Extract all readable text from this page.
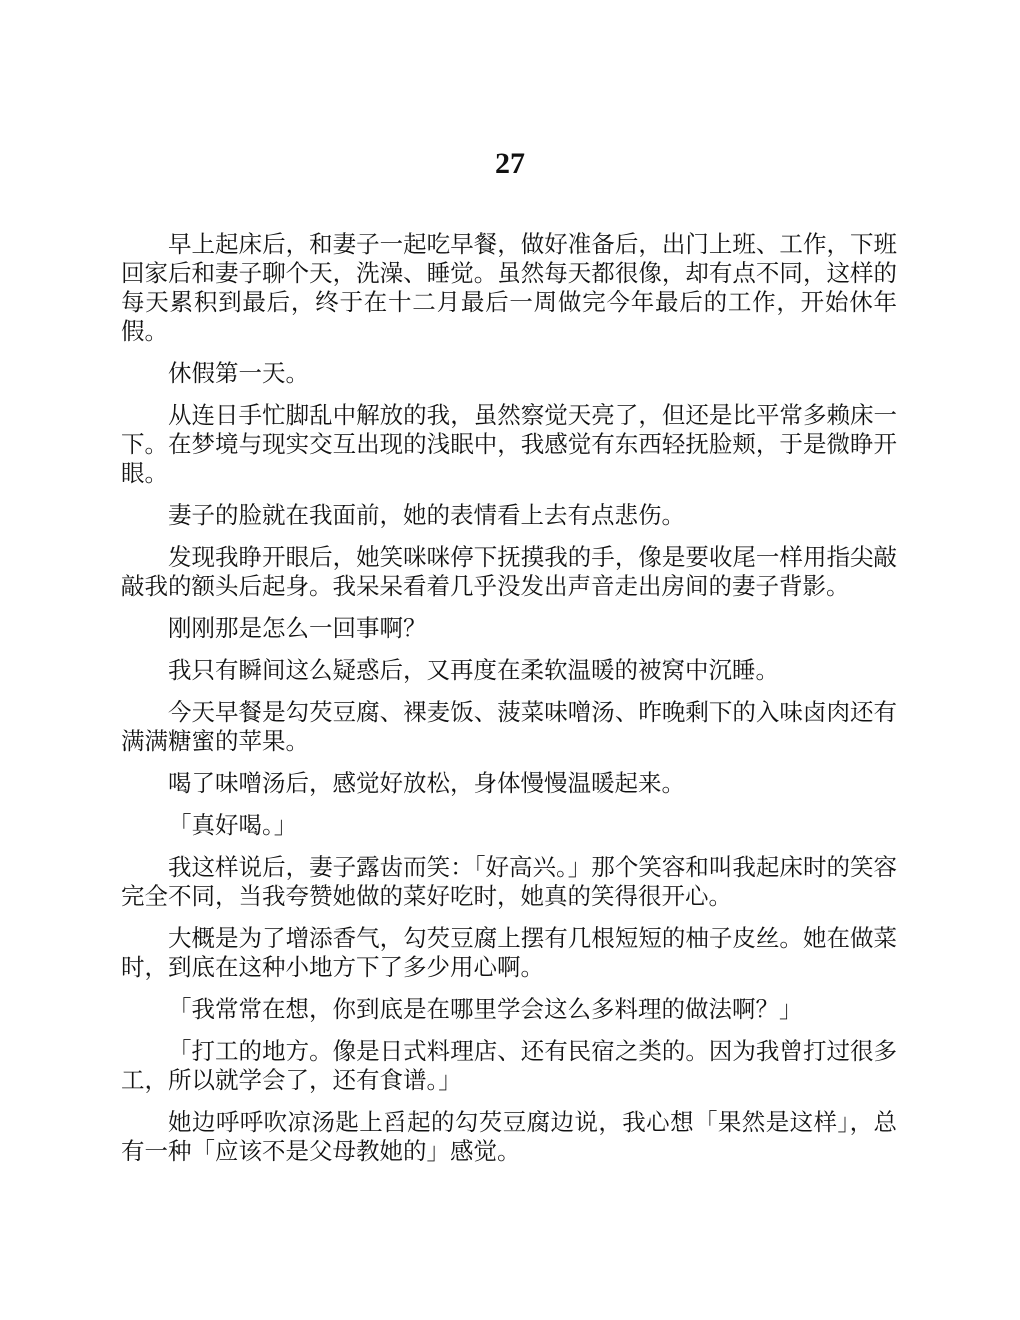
27

早上起床后，和妻子一起吃早餐，做好准备后，出门上班、工作，下班回家后和妻子聊个天，洗澡、睡觉。虽然每天都很像，却有点不同，这样的每天累积到最后，终于在十二月最后一周做完今年最后的工作，开始休年假。

休假第一天。

从连日手忙脚乱中解放的我，虽然察觉天亮了，但还是比平常多赖床一下。在梦境与现实交互出现的浅眠中，我感觉有东西轻抚脸颊，于是微睁开眼。

妻子的脸就在我面前，她的表情看上去有点悲伤。

发现我睁开眼后，她笑咪咪停下抚摸我的手，像是要收尾一样用指尖敲敲我的额头后起身。我呆呆看着几乎没发出声音走出房间的妻子背影。

刚刚那是怎么一回事啊？

我只有瞬间这么疑惑后，又再度在柔软温暖的被窝中沉睡。

今天早餐是勾芡豆腐、裸麦饭、菠菜味噌汤、昨晚剩下的入味卤肉还有满满糖蜜的苹果。

喝了味噌汤后，感觉好放松，身体慢慢温暖起来。

「真好喝。」

我这样说后，妻子露齿而笑：「好高兴。」那个笑容和叫我起床时的笑容完全不同，当我夸赞她做的菜好吃时，她真的笑得很开心。

大概是为了增添香气，勾芡豆腐上摆有几根短短的柚子皮丝。她在做菜时，到底在这种小地方下了多少用心啊。

「我常常在想，你到底是在哪里学会这么多料理的做法啊？」

「打工的地方。像是日式料理店、还有民宿之类的。因为我曾打过很多工，所以就学会了，还有食谱。」

她边呼呼吹凉汤匙上舀起的勾芡豆腐边说，我心想「果然是这样」，总有一种「应该不是父母教她的」感觉。
